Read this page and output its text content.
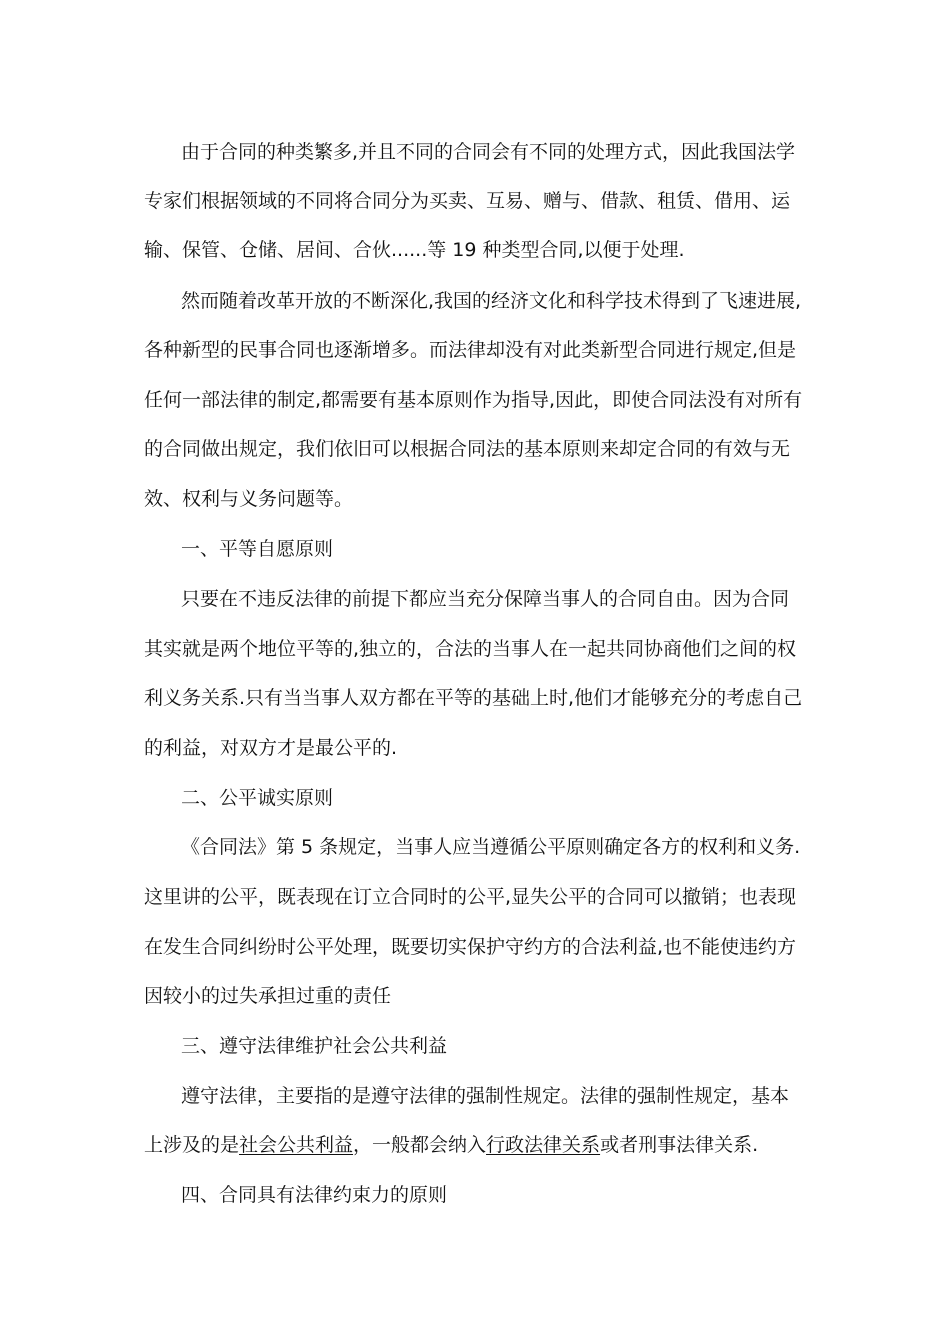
由于合同的种类繁多,并且不同的合同会有不同的处理方式，因此我国法学

专家们根据领域的不同将合同分为买卖、互易、赠与、借款、租赁、借用、运

输、保管、仓储、居间、合伙......等 19 种类型合同,以便于处理.

然而随着改革开放的不断深化,我国的经济文化和科学技术得到了飞速进展,

各种新型的民事合同也逐渐增多。而法律却没有对此类新型合同进行规定,但是

任何一部法律的制定,都需要有基本原则作为指导,因此，即使合同法没有对所有

的合同做出规定，我们依旧可以根据合同法的基本原则来却定合同的有效与无

效、权利与义务问题等。

一、平等自愿原则

只要在不违反法律的前提下都应当充分保障当事人的合同自由。因为合同

其实就是两个地位平等的,独立的，合法的当事人在一起共同协商他们之间的权

利义务关系.只有当当事人双方都在平等的基础上时,他们才能够充分的考虑自己

的利益，对双方才是最公平的.

二、公平诚实原则

《合同法》第 5 条规定，当事人应当遵循公平原则确定各方的权利和义务.

这里讲的公平，既表现在订立合同时的公平,显失公平的合同可以撤销；也表现

在发生合同纠纷时公平处理，既要切实保护守约方的合法利益,也不能使违约方

因较小的过失承担过重的责任

三、遵守法律维护社会公共利益

遵守法律，主要指的是遵守法律的强制性规定。法律的强制性规定，基本

上涉及的是社会公共利益，一般都会纳入行政法律关系或者刑事法律关系.

四、合同具有法律约束力的原则
